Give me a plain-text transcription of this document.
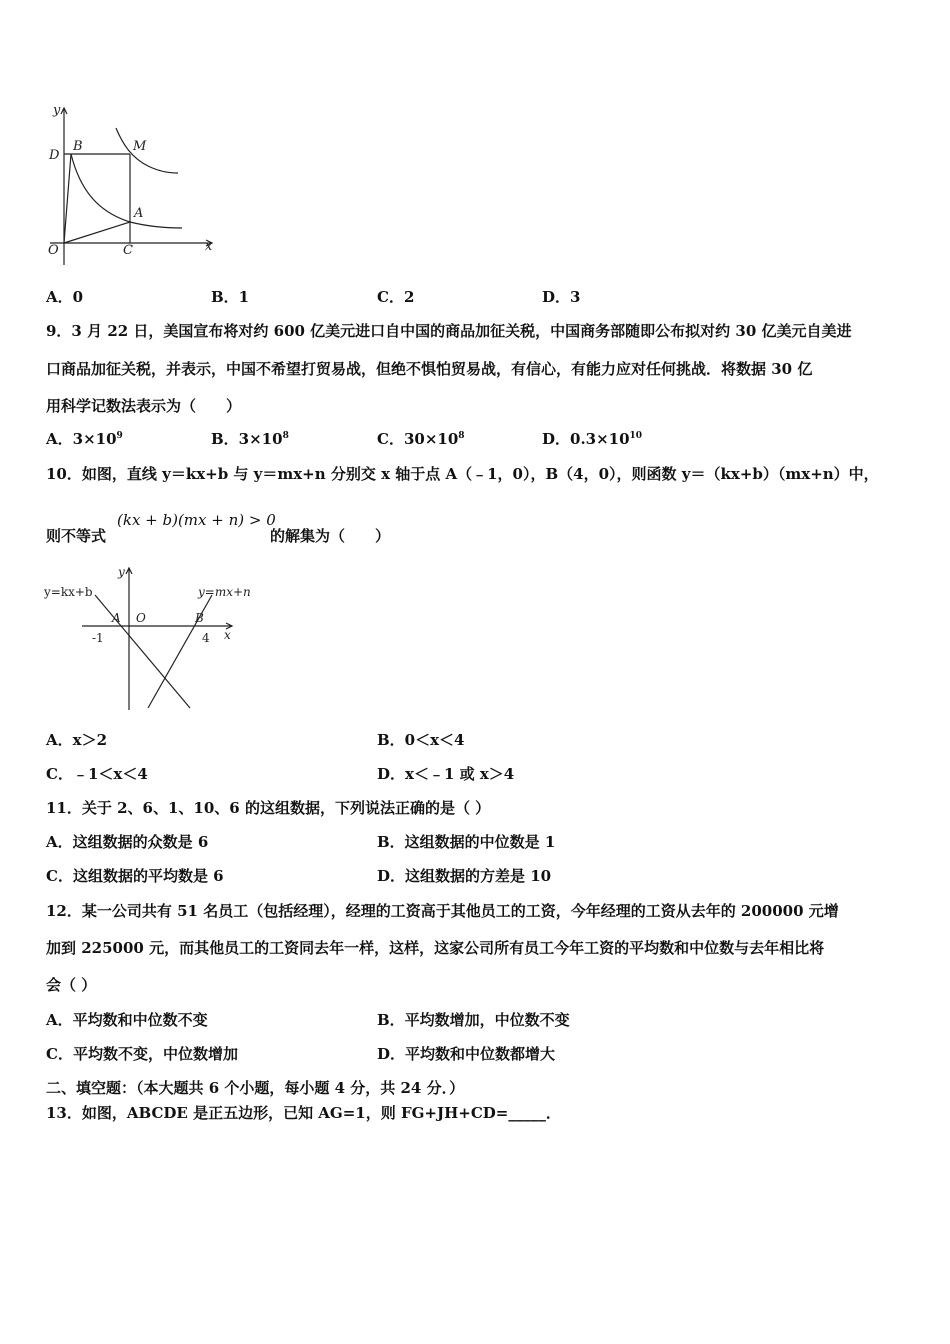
y
x
O
B	M
D
A
C
A．0	B．1	C．2	D．3
9．3 月 22 日，美国宣布将对约 600 亿美元进口自中国的商品加征关税，中国商务部随即公布拟对约 30 亿美元自美进
口商品加征关税，并表示，中国不希望打贸易战，但绝不惧怕贸易战，有信心，有能力应对任何挑战．将数据 30 亿
用科学记数法表示为（　　）
A．$3\times 10^9$	B．$3\times 10^8$	C．$30\times 10^8$	D．$0.3\times 10^{10}$
10．如图，直线 y＝kx+b 与 y＝mx+n 分别交 x 轴于点 A（﹣1，0），B（4，0），则函数 y＝（kx+b）（mx+n）中，
则不等式
(kx + b)(mx + n) > 0
的解集为（　　）
y=kx+b	y=mx+n
y
x
A O	B
-1	4
A．x＞2	B．0＜x＜4
C．﹣1＜x＜4	D．x＜﹣1 或 x＞4
11．关于 2、6、1、10、6 的这组数据，下列说法正确的是（ ）
A．这组数据的众数是 6	B．这组数据的中位数是 1
C．这组数据的平均数是 6	D．这组数据的方差是 10
12．某一公司共有 51 名员工（包括经理），经理的工资高于其他员工的工资，今年经理的工资从去年的 200000 元增
加到 225000 元，而其他员工的工资同去年一样，这样，这家公司所有员工今年工资的平均数和中位数与去年相比将
会（ ）
A．平均数和中位数不变	B．平均数增加，中位数不变
C．平均数不变，中位数增加	D．平均数和中位数都增大
二、填空题：（本大题共 6 个小题，每小题 4 分，共 24 分．）
13．如图，ABCDE 是正五边形，已知 AG=1，则 FG+JH+CD=_____．
